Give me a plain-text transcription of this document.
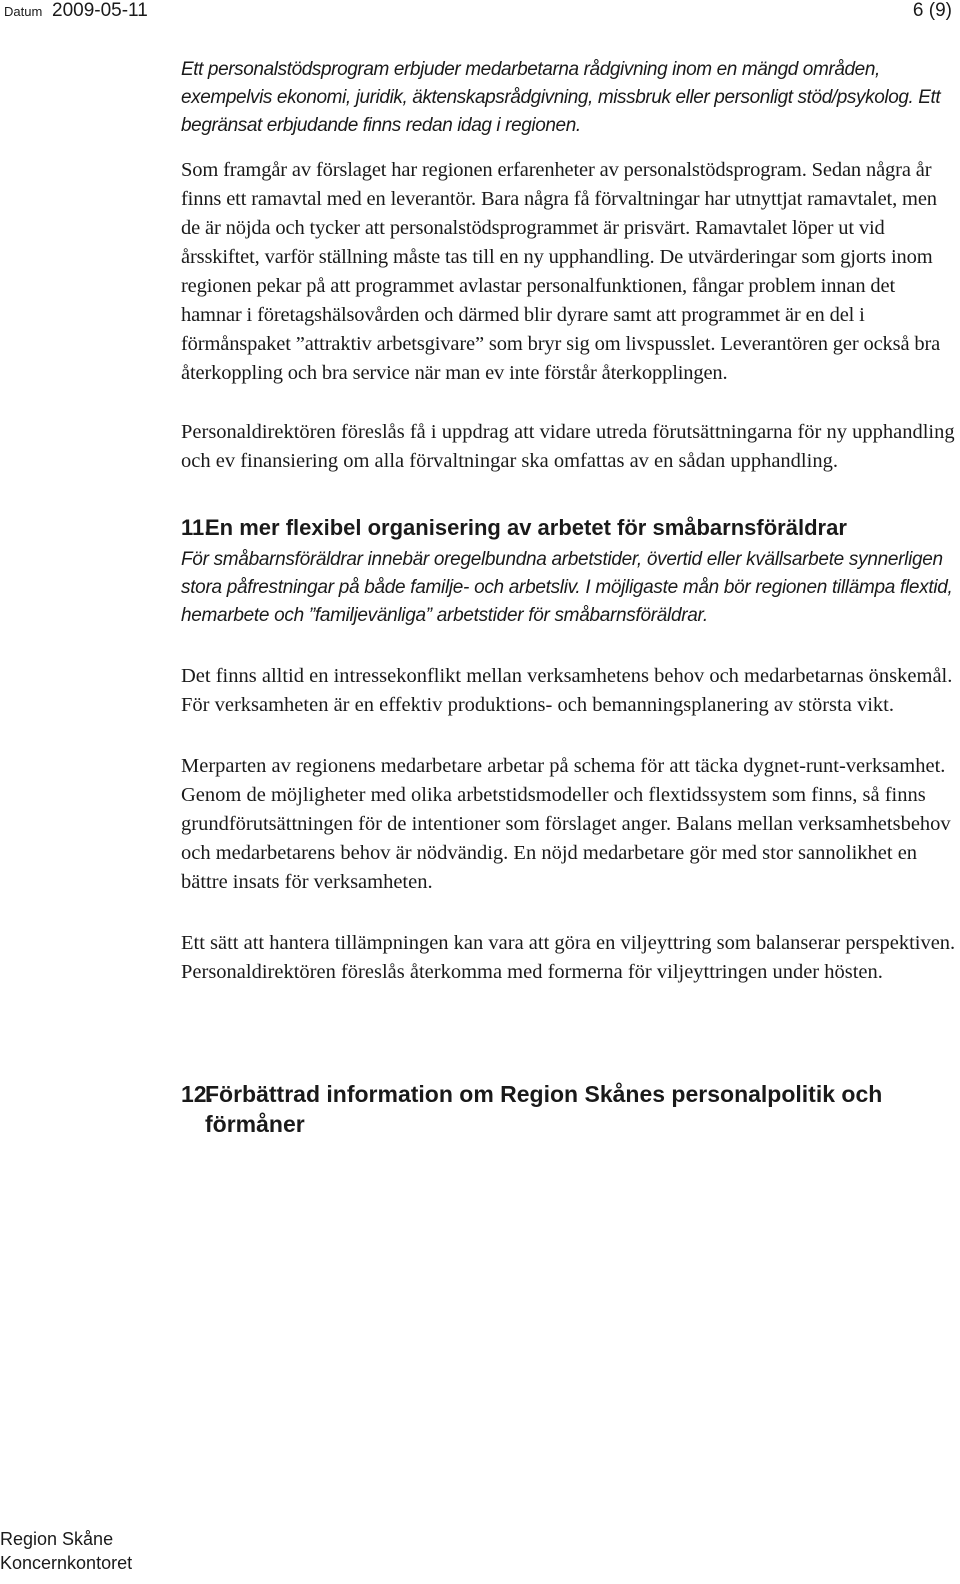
Datum 2009-05-11	6 (9)

Ett personalstödsprogram erbjuder medarbetarna rådgivning inom en mängd områden, exempelvis ekonomi, juridik, äktenskapsrådgivning, missbruk eller personligt stöd/psykolog. Ett begränsat erbjudande finns redan idag i regionen.

Som framgår av förslaget har regionen erfarenheter av personalstödsprogram. Sedan några år finns ett ramavtal med en leverantör. Bara några få förvaltningar har utnyttjat ramavtalet, men de är nöjda och tycker att personalstödsprogrammet är prisvärt. Ramavtalet löper ut vid årsskiftet, varför ställning måste tas till en ny upphandling. De utvärderingar som gjorts inom regionen pekar på att programmet avlastar personalfunktionen, fångar problem innan det hamnar i företagshälsovården och därmed blir dyrare samt att programmet är en del i förmånspaket ”attraktiv arbetsgivare” som bryr sig om livspusslet. Leverantören ger också bra återkoppling och bra service när man ev inte förstår återkopplingen.

Personaldirektören föreslås få i uppdrag att vidare utreda förutsättningarna för ny upphandling och ev finansiering om alla förvaltningar ska omfattas av en sådan upphandling.

11.
En mer flexibel organisering av arbetet för småbarnsföräldrar

För småbarnsföräldrar innebär oregelbundna arbetstider, övertid eller kvällsarbete synnerligen stora påfrestningar på både familje- och arbetsliv. I möjligaste mån bör regionen tillämpa flextid, hemarbete och ”familjevänliga” arbetstider för småbarnsföräldrar.

Det finns alltid en intressekonflikt mellan verksamhetens behov och medarbetarnas önskemål. För verksamheten är en effektiv produktions- och bemanningsplanering av största vikt.

Merparten av regionens medarbetare arbetar på schema för att täcka dygnet-runt-verksamhet. Genom de möjligheter med olika arbetstidsmodeller och flextidssystem som finns, så finns grundförutsättningen för de intentioner som förslaget anger. Balans mellan verksamhetsbehov och medarbetarens behov är nödvändig. En nöjd medarbetare gör med stor sannolikhet en bättre insats för verksamheten.

Ett sätt att hantera tillämpningen kan vara att göra en viljeyttring som balanserar perspektiven. Personaldirektören föreslås återkomma med formerna för viljeyttringen under hösten.

12.
Förbättrad information om Region Skånes personalpolitik och förmåner
Region Skåne
Koncernkontoret
